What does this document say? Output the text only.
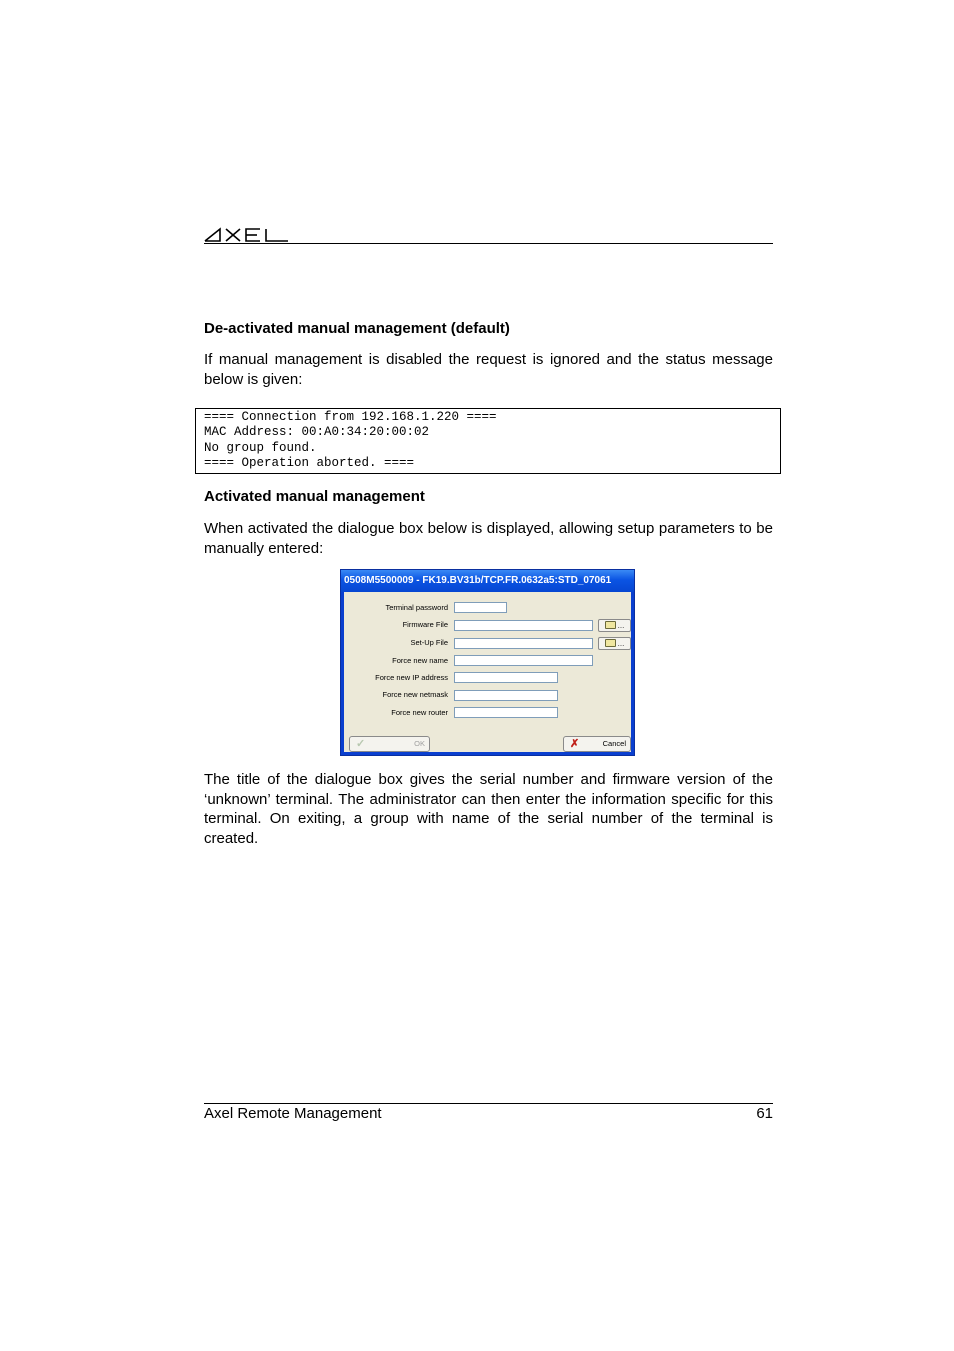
De-activated manual management (default)
If manual management is disabled the request is ignored and the status message below is given:
==== Connection from 192.168.1.220 ====
MAC Address: 00:A0:34:20:00:02
No group found.
==== Operation aborted. ====
Activated manual management
When activated the dialogue box below is displayed, allowing setup parameters to be manually entered:
0508M5500009 - FK19.BV31b/TCP.FR.0632a5:STD_07061
Terminal password
Firmware File	...
Set-Up File	...
Force new name
Force new IP address
Force new netmask
Force new router
✓	OK	✗	Cancel
The title of the dialogue box gives the serial number and firmware version of the ‘unknown’ terminal. The administrator can then enter the information specific for this terminal. On exiting, a group with name of the serial number of the terminal is created.
Axel Remote Management	61
